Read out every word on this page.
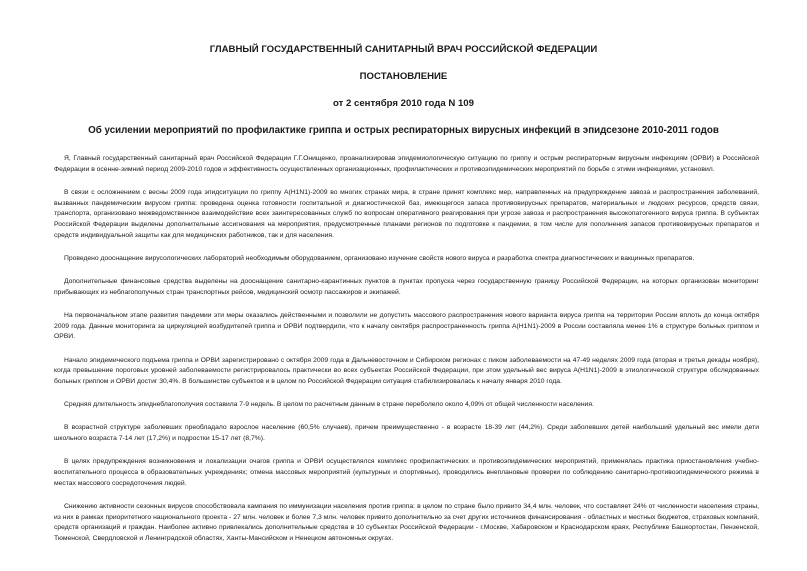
ГЛАВНЫЙ ГОСУДАРСТВЕННЫЙ САНИТАРНЫЙ ВРАЧ РОССИЙСКОЙ ФЕДЕРАЦИИ

ПОСТАНОВЛЕНИЕ

от 2 сентября 2010 года N 109

Об усилении мероприятий по профилактике гриппа и острых респираторных вирусных инфекций в эпидсезоне 2010-2011 годов

Я, Главный государственный санитарный врач Российской Федерации Г.Г.Онищенко, проанализировав эпидемиологическую ситуацию по гриппу и острым респираторным вирусным инфекциям (ОРВИ) в Российской Федерации в осенне-зимний период 2009-2010 годов и эффективность осуществленных организационных, профилактических и противоэпидемических мероприятий по борьбе с этими инфекциями, установил.

В связи с осложнением с весны 2009 года эпидситуации по гриппу A(H1N1)-2009 во многих странах мира, в стране принят комплекс мер, направленных на предупреждение завоза и распространения заболеваний, вызванных пандемическим вирусом гриппа: проведена оценка готовности госпитальной и диагностической баз, имеющегося запаса противовирусных препаратов, материальных и людских ресурсов, средств связи, транспорта, организовано межведомственное взаимодействие всех заинтересованных служб по вопросам оперативного реагирования при угрозе завоза и распространения высокопатогенного вируса гриппа. В субъектах Российской Федерации выделены дополнительные ассигнования на мероприятия, предусмотренные планами регионов по подготовке к пандемии, в том числе для пополнения запасов противовирусных препаратов и средств индивидуальной защиты как для медицинских работников, так и для населения.

Проведено дооснащение вирусологических лабораторий необходимым оборудованием, организовано изучение свойств нового вируса и разработка спектра диагностических и вакцинных препаратов.

Дополнительные финансовые средства выделены на дооснащение санитарно-карантинных пунктов в пунктах пропуска через государственную границу Российской Федерации, на которых организован мониторинг прибывающих из неблагополучных стран транспортных рейсов, медицинский осмотр пассажиров и экипажей.

На первоначальном этапе развития пандемии эти меры оказались действенными и позволили не допустить массового распространения нового варианта вируса гриппа на территории России вплоть до конца октября 2009 года. Данные мониторинга за циркуляцией возбудителей гриппа и ОРВИ подтвердили, что к началу сентября распространенность гриппа A(H1N1)-2009 в России составляла менее 1% в структуре больных гриппом и ОРВИ.

Начало эпидемического подъема гриппа и ОРВИ зарегистрировано с октября 2009 года в Дальневосточном и Сибирском регионах с пиком заболеваемости на 47-49 неделях 2009 года (вторая и третья декады ноября), когда превышение пороговых уровней заболеваемости регистрировалось практически во всех субъектах Российской Федерации, при этом удельный вес вируса A(H1N1)-2009 в этиологической структуре обследованных больных гриппом и ОРВИ достиг 30,4%. В большинстве субъектов и в целом по Российской Федерации ситуация стабилизировалась к началу января 2010 года.

Средняя длительность эпиднеблагополучия составила 7-9 недель. В целом по расчетным данным в стране переболело около 4,09% от общей численности населения.

В возрастной структуре заболевших преобладало взрослое население (60,5% случаев), причем преимущественно - в возрасте 18-39 лет (44,2%). Среди заболевших детей наибольший удельный вес имели дети школьного возраста 7-14 лет (17,2%) и подростки 15-17 лет (8,7%).

В целях предупреждения возникновения и локализации очагов гриппа и ОРВИ осуществлялся комплекс профилактических и противоэпидемических мероприятий, применялась практика приостановления учебно-воспитательного процесса в образовательных учреждениях; отмена массовых мероприятий (культурных и спортивных), проводились внеплановые проверки по соблюдению санитарно-противоэпидемического режима в местах массового сосредоточения людей.

Снижению активности сезонных вирусов способствовала кампания по иммунизации населения против гриппа: в целом по стране было привито 34,4 млн. человек, что составляет 24% от численности населения страны, из них в рамках приоритетного национального проекта - 27 млн. человек и более 7,3 млн. человек привито дополнительно за счет других источников финансирования - областных и местных бюджетов, страховых компаний, средств организаций и граждан. Наиболее активно привлекались дополнительные средства в 10 субъектах Российской Федерации - г.Москве, Хабаровском и Краснодарском краях, Республике Башкортостан, Пензенской, Тюменской, Свердловской и Ленинградской областях, Ханты-Мансийском и Ненецком автономных округах.
